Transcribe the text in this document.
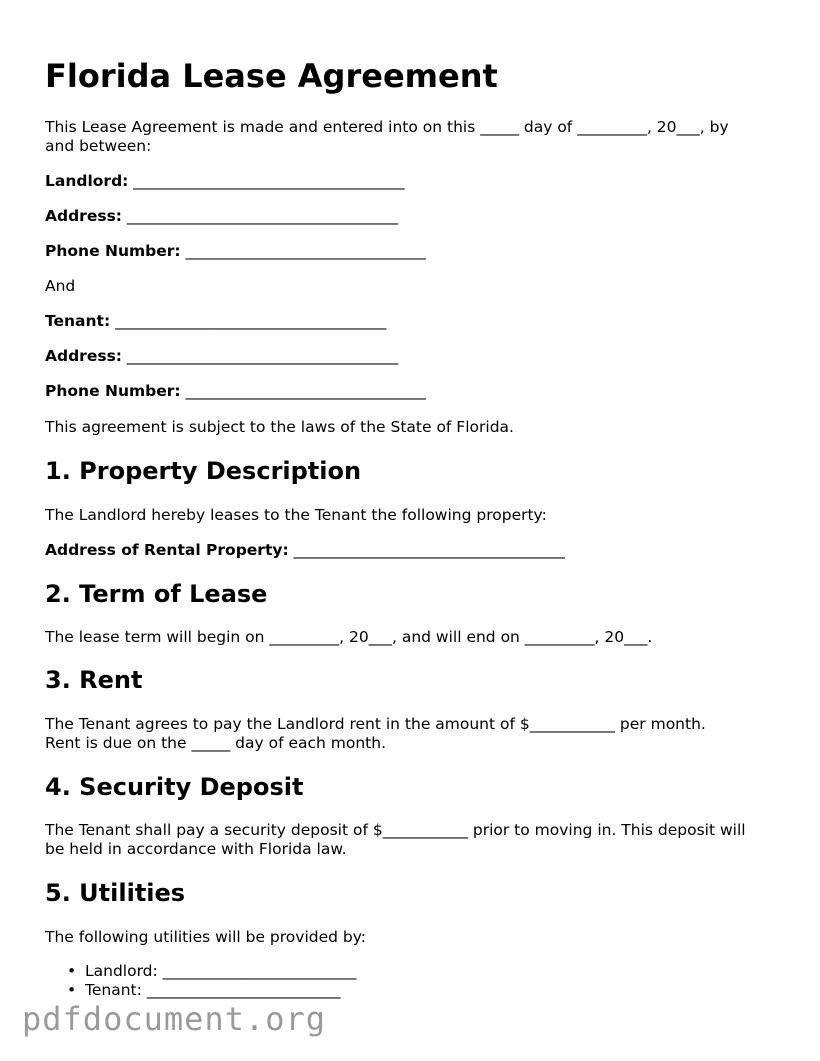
Florida Lease Agreement

This Lease Agreement is made and entered into on this _____ day of _________, 20___, by

and between:

Landlord: ___________________________________

Address: ___________________________________

Phone Number: _______________________________

And

Tenant: ___________________________________

Address: ___________________________________

Phone Number: _______________________________

This agreement is subject to the laws of the State of Florida.

1. Property Description

The Landlord hereby leases to the Tenant the following property:

Address of Rental Property: ___________________________________

2. Term of Lease

The lease term will begin on _________, 20___, and will end on _________, 20___.

3. Rent

The Tenant agrees to pay the Landlord rent in the amount of $___________ per month.

Rent is due on the _____ day of each month.

4. Security Deposit

The Tenant shall pay a security deposit of $___________ prior to moving in. This deposit will

be held in accordance with Florida law.

5. Utilities

The following utilities will be provided by:

• Landlord: _________________________
• Tenant: _________________________
pdfdocument.org
